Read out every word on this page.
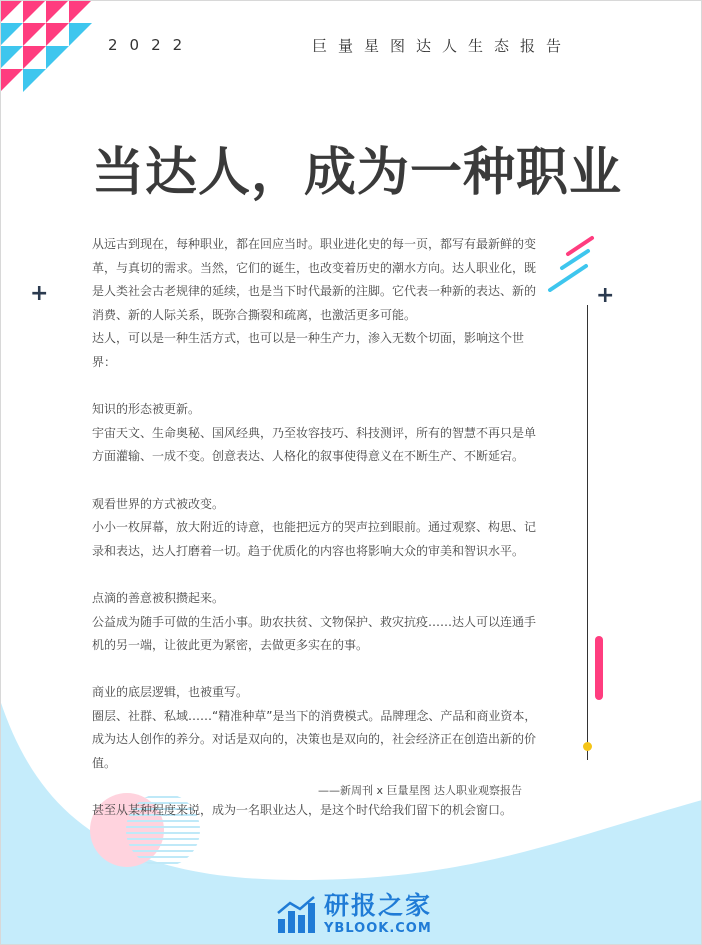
2022	巨量星图达人生态报告
当达人，成为一种职业
+	+

从远古到现在，每种职业，都在回应当时。职业进化史的每一页，都写有最新鲜的变革，与真切的需求。当然，它们的诞生，也改变着历史的潮水方向。达人职业化，既是人类社会古老规律的延续，也是当下时代最新的注脚。它代表一种新的表达、新的消费、新的人际关系，既弥合撕裂和疏离，也激活更多可能。

达人，可以是一种生活方式，也可以是一种生产力，渗入无数个切面，影响这个世界：

知识的形态被更新。

宇宙天文、生命奥秘、国风经典，乃至妆容技巧、科技测评，所有的智慧不再只是单方面灌输、一成不变。创意表达、人格化的叙事使得意义在不断生产、不断延宕。

观看世界的方式被改变。

小小一枚屏幕，放大附近的诗意，也能把远方的哭声拉到眼前。通过观察、构思、记录和表达，达人打磨着一切。趋于优质化的内容也将影响大众的审美和智识水平。

点滴的善意被积攒起来。

公益成为随手可做的生活小事。助农扶贫、文物保护、救灾抗疫……达人可以连通手机的另一端，让彼此更为紧密，去做更多实在的事。

商业的底层逻辑，也被重写。

圈层、社群、私域……“精准种草”是当下的消费模式。品牌理念、产品和商业资本，成为达人创作的养分。对话是双向的，决策也是双向的，社会经济正在创造出新的价值。

甚至从某种程度来说，成为一名职业达人，是这个时代给我们留下的机会窗口。

——新周刊 x 巨量星图 达人职业观察报告
研报之家
YBLOOK.COM
